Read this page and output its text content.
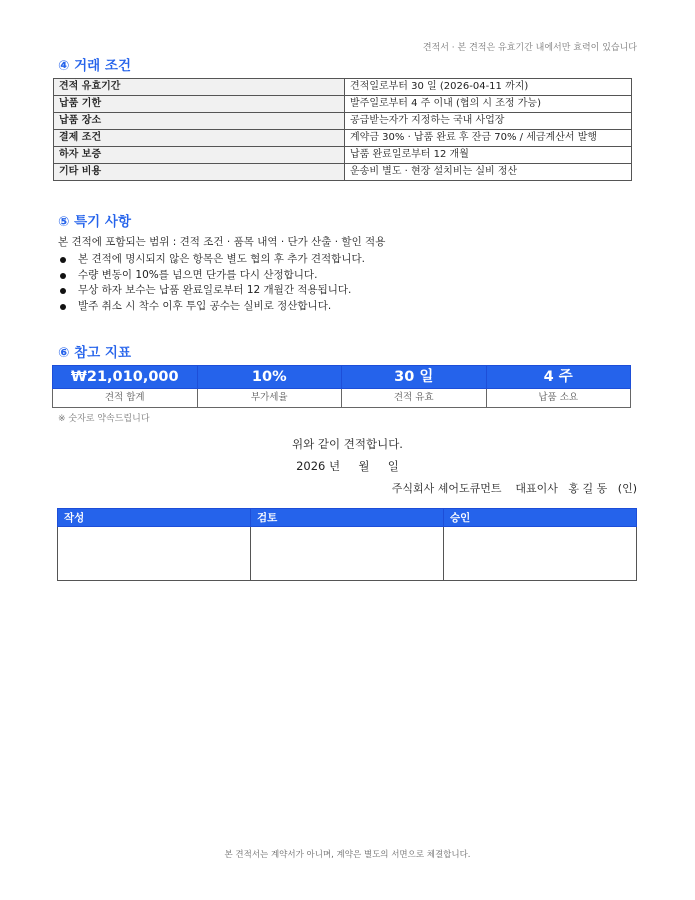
견적서 · 본 견적은 유효기간 내에서만 효력이 있습니다
④ 거래 조건
견적 유효기간	견적일로부터 30 일 (2026-04-11 까지)
납품 기한	발주일로부터 4 주 이내 (협의 시 조정 가능)
납품 장소	공급받는자가 지정하는 국내 사업장
결제 조건	계약금 30% · 납품 완료 후 잔금 70% / 세금계산서 발행
하자 보증	납품 완료일로부터 12 개월
기타 비용	운송비 별도 · 현장 설치비는 실비 정산
⑤ 특기 사항
본 견적에 포함되는 범위 : 견적 조건 · 품목 내역 · 단가 산출 · 할인 적용
본 견적에 명시되지 않은 항목은 별도 협의 후 추가 견적합니다.
수량 변동이 10%를 넘으면 단가를 다시 산정합니다.
무상 하자 보수는 납품 완료일로부터 12 개월간 적용됩니다.
발주 취소 시 착수 이후 투입 공수는 실비로 정산합니다.
⑥ 참고 지표
₩21,010,000	10%	30 일	4 주
견적 합계	부가세율	견적 유효	납품 소요
※ 숫자로 약속드립니다
위와 같이 견적합니다.
2026 년     월     일
주식회사 셰어도큐먼트    대표이사   홍 길 동   (인)
작성	검토	승인

본 견적서는 계약서가 아니며, 계약은 별도의 서면으로 체결합니다.
